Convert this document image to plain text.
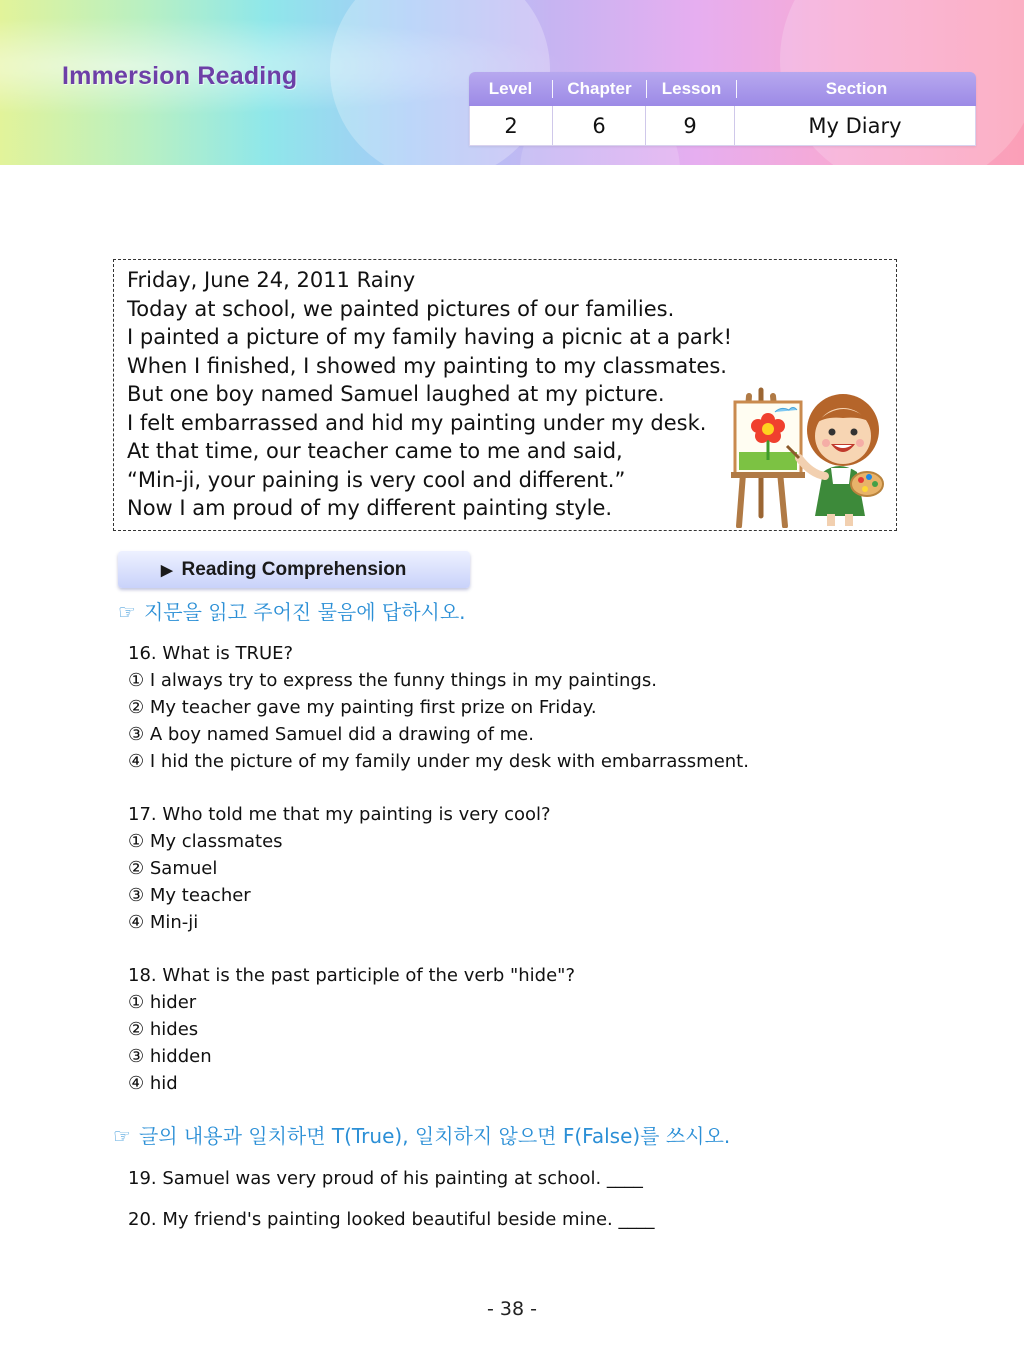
Immersion Reading	Level	Chapter	Lesson	Section
2	6	9	My Diary

Friday, June 24, 2011 Rainy

Today at school, we painted pictures of our families.

I painted a picture of my family having a picnic at a park!

When I finished, I showed my painting to my classmates.

But one boy named Samuel laughed at my picture.

I felt embarrassed and hid my painting under my desk.

At that time, our teacher came to me and said,

“Min-ji, your paining is very cool and different.”

Now I am proud of my different painting style.

▶ Reading Comprehension
☞ 지문을 읽고 주어진 물음에 답하시오.
16. What is TRUE?
① I always try to express the funny things in my paintings.
② My teacher gave my painting first prize on Friday.
③ A boy named Samuel did a drawing of me.
④ I hid the picture of my family under my desk with embarrassment.
17. Who told me that my painting is very cool?
① My classmates
② Samuel
③ My teacher
④ Min-ji
18. What is the past participle of the verb "hide"?
① hider
② hides
③ hidden
④ hid
☞ 글의 내용과 일치하면 T(True), 일치하지 않으면 F(False)를 쓰시오.
19. Samuel was very proud of his painting at school. ____
20. My friend's painting looked beautiful beside mine. ____
- 38 -
